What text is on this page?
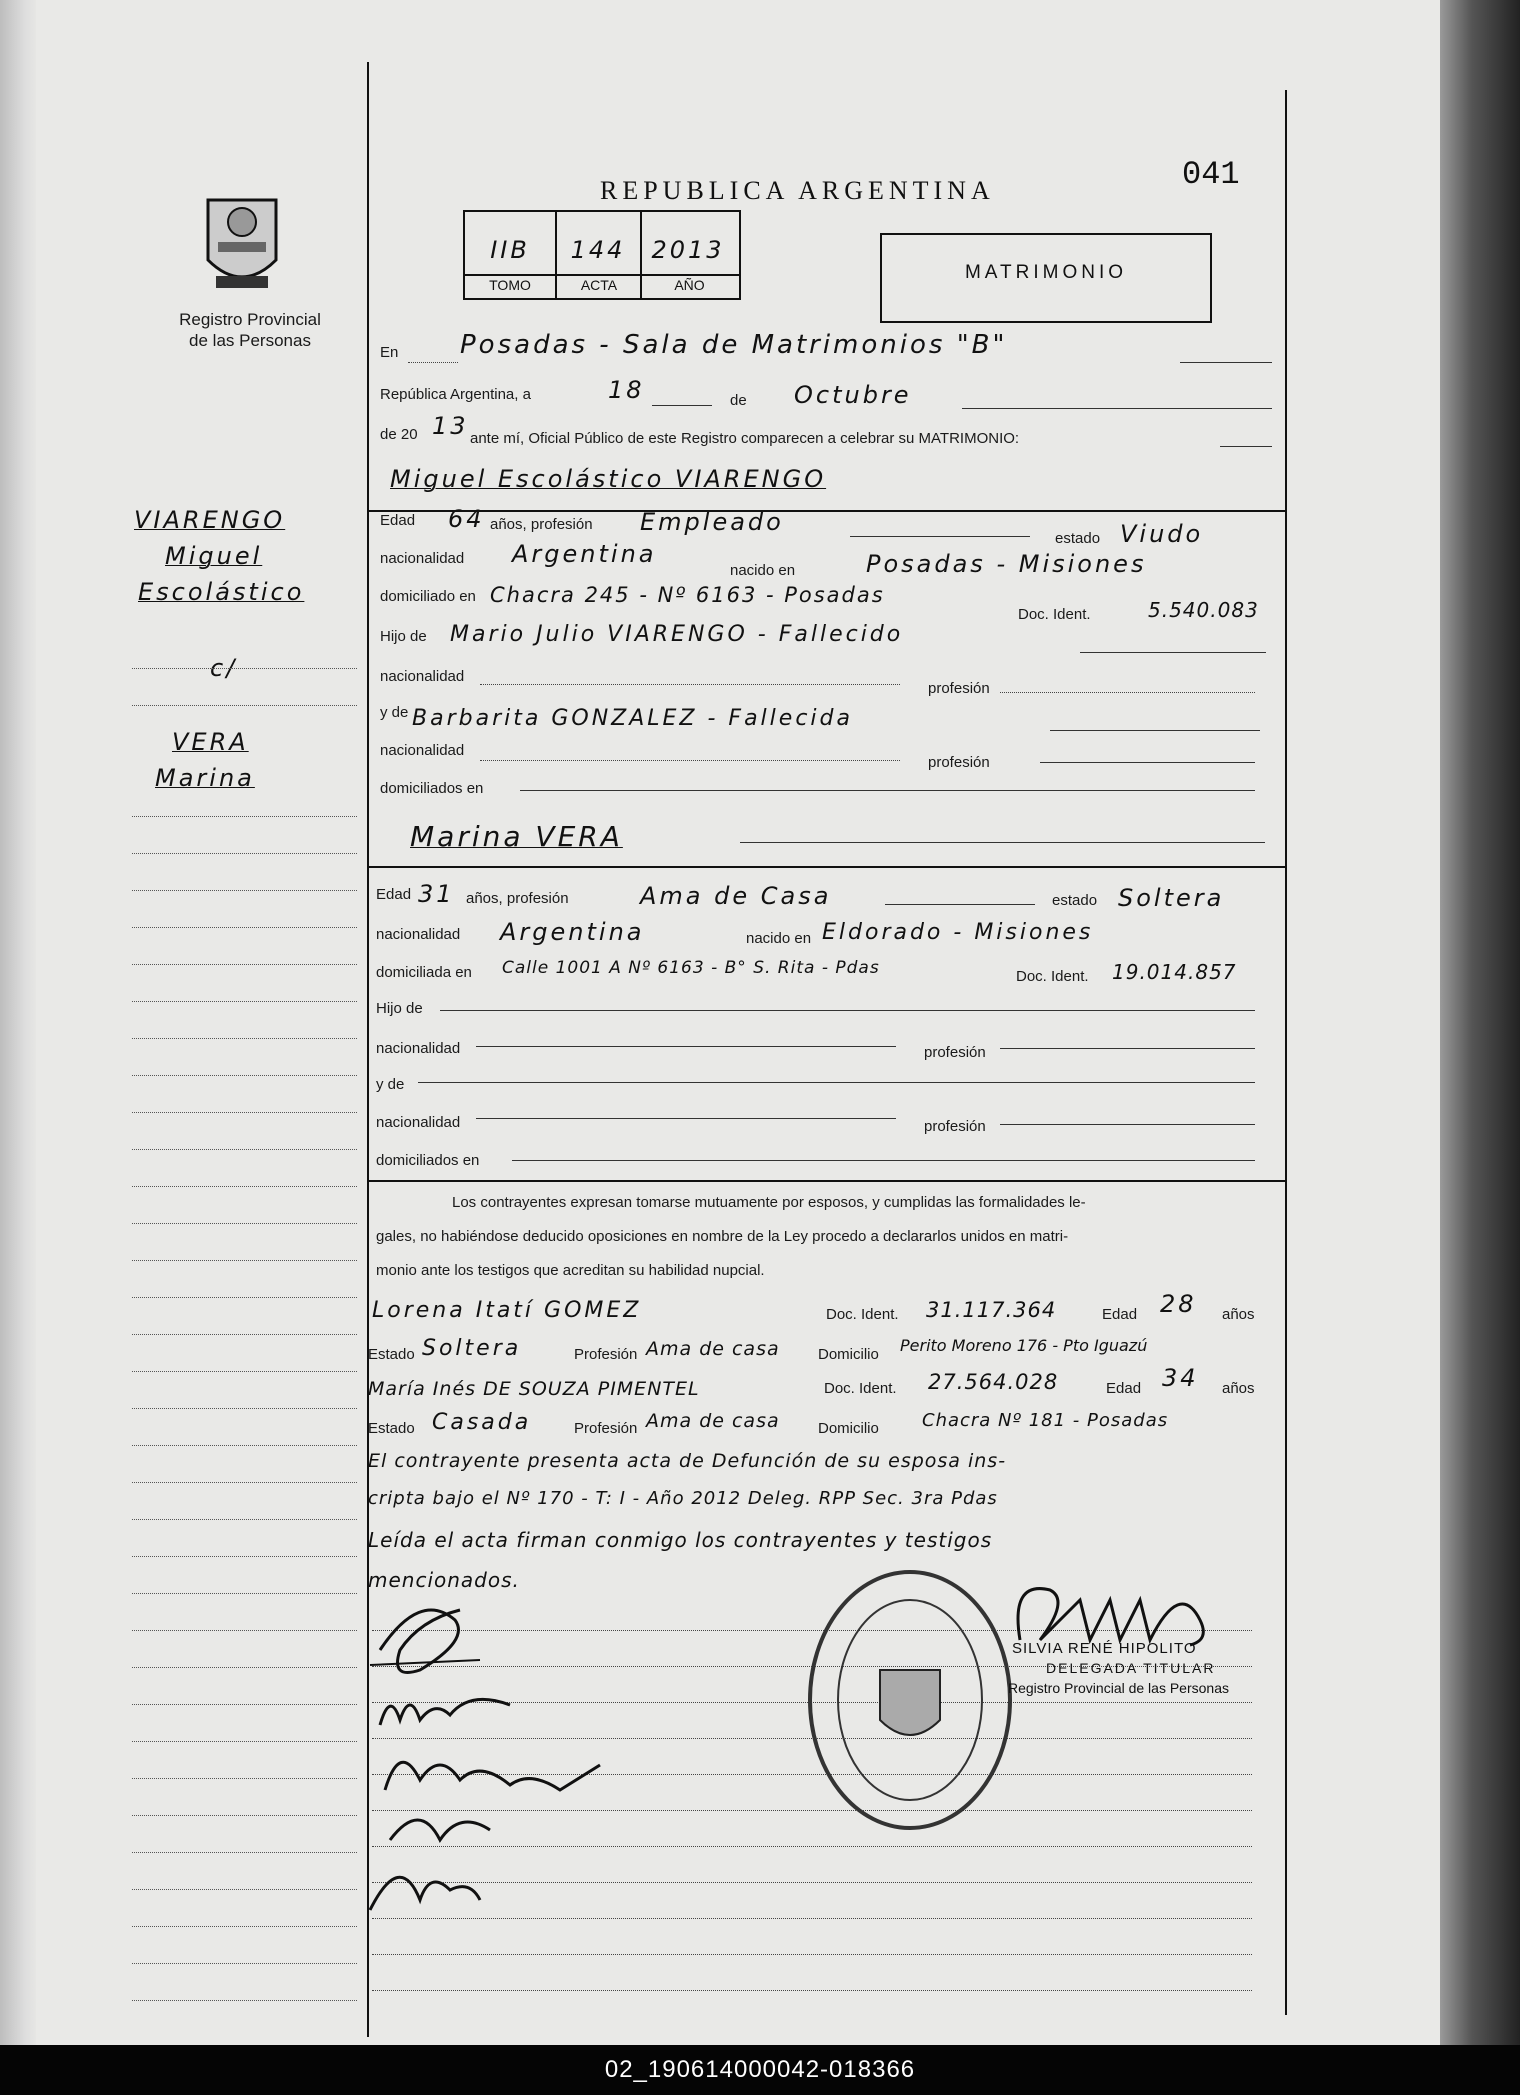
Registro Provincial
de las Personas
REPUBLICA ARGENTINA	041
IIB	144	2013
TOMO	ACTA	AÑO
MATRIMONIO
VIARENGO
Miguel
Escolástico
c/
VERA
Marina
En Posadas - Sala de Matrimonios "B"
República Argentina, a	18	de Octubre
de 20 13 ante mí, Oficial Público de este Registro comparecen a celebrar su MATRIMONIO:
Miguel Escolástico VIARENGO
Edad 64 años, profesión Empleado
estado Viudo
nacionalidad Argentina
nacido en	Posadas - Misiones
domiciliado en Chacra 245 - Nº 6163 - Posadas
Doc. Ident.	5.540.083
Hijo de Mario Julio VIARENGO - Fallecido
nacionalidad
profesión
y de Barbarita GONZALEZ - Fallecida
nacionalidad
profesión
domiciliados en
Marina VERA
Edad 31 años, profesión	Ama de Casa	estado Soltera
nacionalidad Argentina	nacido en Eldorado - Misiones
domiciliada en Calle 1001 A Nº 6163 - B° S. Rita - Pdas	Doc. Ident. 19.014.857
Hijo de
nacionalidad	profesión
y de
nacionalidad	profesión
domiciliados en
Los contrayentes expresan tomarse mutuamente por esposos, y cumplidas las formalidades le-
gales, no habiéndose deducido oposiciones en nombre de la Ley procedo a declararlos unidos en matri-
monio ante los testigos que acreditan su habilidad nupcial.
Lorena Itatí GOMEZ	Doc. Ident. 31.117.364	Edad 28 años
Estado Soltera	Profesión Ama de casa	Domicilio Perito Moreno 176 - Pto Iguazú
María Inés DE SOUZA PIMENTEL	Doc. Ident. 27.564.028	Edad 34 años
Estado Casada	Profesión Ama de casa	Domicilio Chacra Nº 181 - Posadas
El contrayente presenta acta de Defunción de su esposa ins-
cripta bajo el Nº 170 - T: I - Año 2012 Deleg. RPP Sec. 3ra Pdas
Leída el acta firman conmigo los contrayentes y testigos
mencionados.
SILVIA RENÉ HIPOLITO
DELEGADA TITULAR
Registro Provincial de las Personas
02_190614000042-018366
